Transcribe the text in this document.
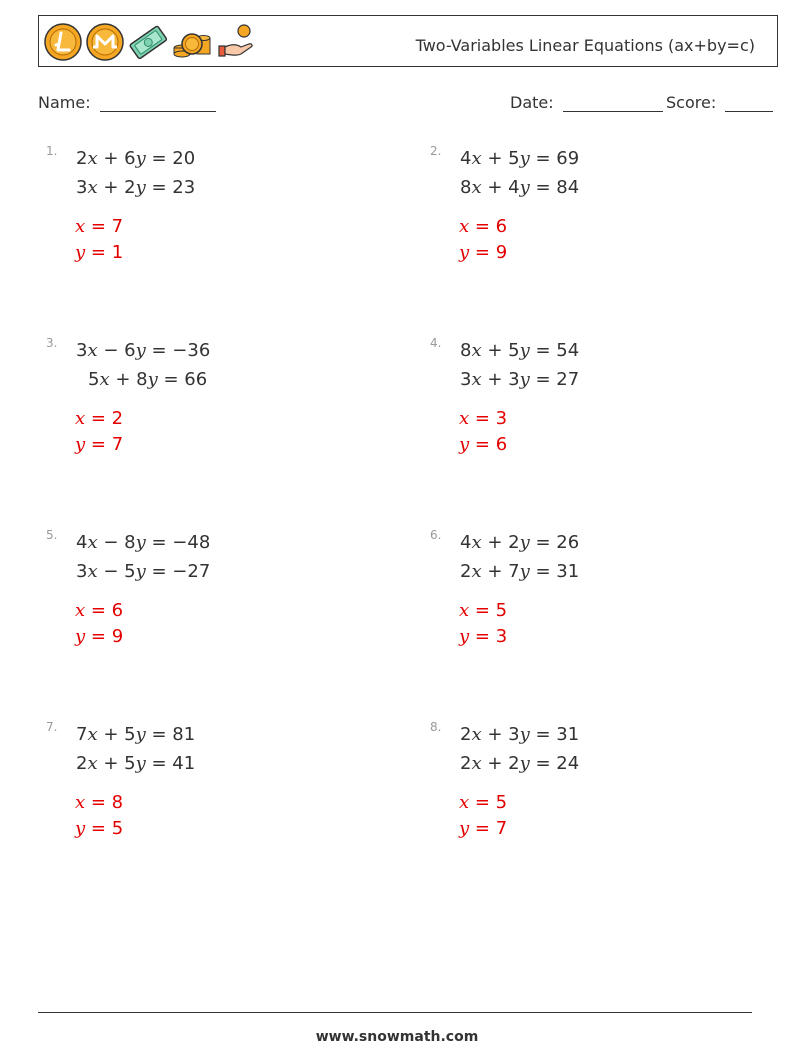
Two-Variables Linear Equations (ax+by=c)
Name:	Date:	Score:
1. 2x + 6y = 20
3x + 2y = 23
x = 7
y = 1
2. 4x + 5y = 69
8x + 4y = 84
x = 6
y = 9
3. 3x − 6y = −36
5x + 8y = 66
x = 2
y = 7
4. 8x + 5y = 54
3x + 3y = 27
x = 3
y = 6
5. 4x − 8y = −48
3x − 5y = −27
x = 6
y = 9
6. 4x + 2y = 26
2x + 7y = 31
x = 5
y = 3
7. 7x + 5y = 81
2x + 5y = 41
x = 8
y = 5
8. 2x + 3y = 31
2x + 2y = 24
x = 5
y = 7
www.snowmath.com
